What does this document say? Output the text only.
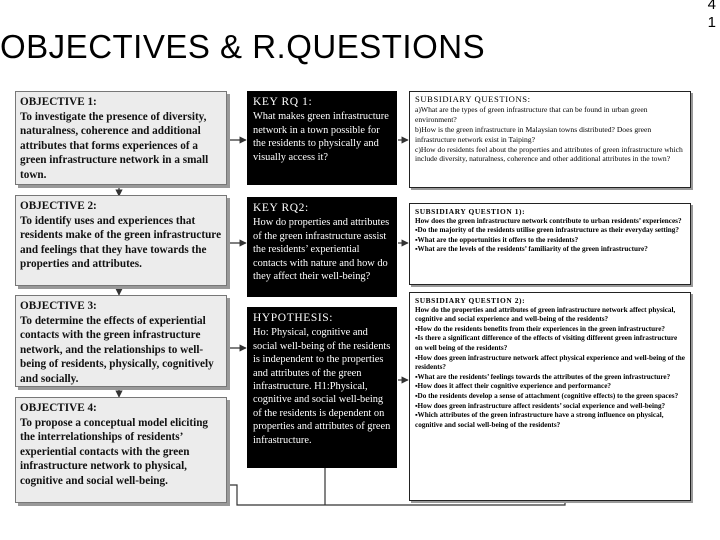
OBJECTIVES & R.QUESTIONS
4
1
OBJECTIVE 1:
To investigate the presence of diversity, naturalness, coherence and additional attributes that forms experiences of a green infrastructure network in a small town.
OBJECTIVE 2:
To identify uses and experiences that residents make of the green infrastructure and feelings that they have towards the properties and attributes.
OBJECTIVE 3:
To determine the effects of experiential contacts with the green infrastructure network, and the relationships to well-being of residents, physically, cognitively and socially.
OBJECTIVE 4:
To propose a conceptual model eliciting the interrelationships of residents’ experiential contacts with the green infrastructure network to physical, cognitive and social well-being.
KEY RQ 1:
What makes green infrastructure network in a town possible for the residents to physically and visually access it?
KEY RQ2:
How do properties and attributes of the green infrastructure assist the residents’ experiential contacts with nature and how do they affect their well-being?
HYPOTHESIS:
Ho: Physical, cognitive and social well-being of the residents is independent to the properties and attributes of the green infrastructure. H1:Physical, cognitive and social well-being of the residents is dependent on properties and attributes of green infrastructure.
SUBSIDIARY QUESTIONS:
a)What are the types of green infrastructure that can be found in urban green environment?
b)How is the green infrastructure in Malaysian towns distributed? Does green infrastructure network exist in Taiping?
c)How do residents feel about the properties and attributes of green infrastructure which include diversity, naturalness, coherence and other additional attributes in the town?
SUBSIDIARY QUESTION 1):
How does the green infrastructure network contribute to urban residents’ experiences?
▪Do the majority of the residents utilise green infrastructure as their everyday setting?
▪What are the opportunities it offers to the residents?
▪What are the levels of the residents’ familiarity of the green infrastructure?
SUBSIDIARY QUESTION 2):
How do the properties and attributes of green infrastructure network affect physical, cognitive and social experience and well-being of the residents?
▪How do the residents benefits from their experiences in the green infrastructure?
▪Is there a significant difference of the effects of visiting different green infrastructure on well being of the residents?
▪How does green infrastructure network affect physical experience and well-being of the residents?
▪What are the residents’ feelings towards the attributes of the green infrastructure?
▪How does it affect their cognitive experience and performance?
▪Do the residents develop a sense of attachment (cognitive effects) to the green spaces?
▪How does green infrastructure affect residents’ social experience and well-being?
▪Which attributes of the green infrastructure have a strong influence on physical, cognitive and social well-being of the residents?
